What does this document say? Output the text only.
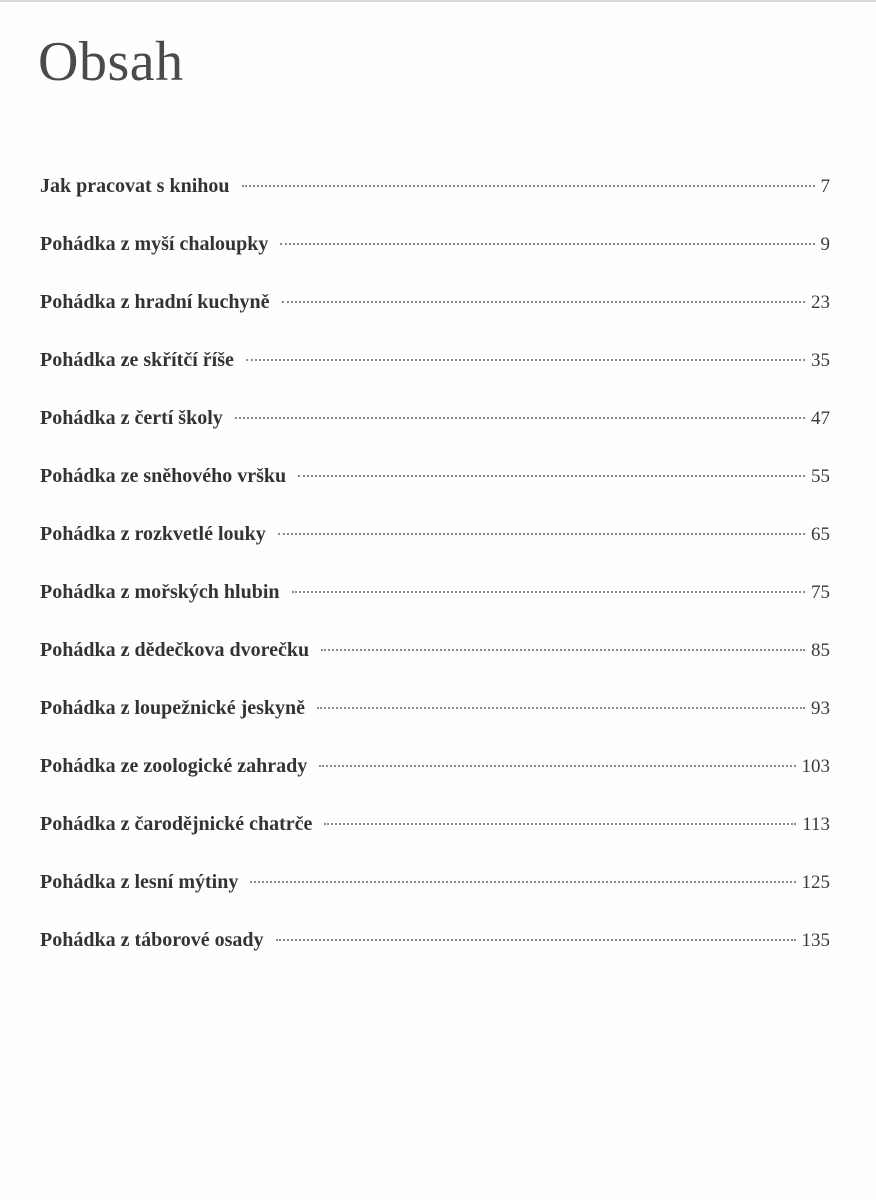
Obsah
Jak pracovat s knihou	7
Pohádka z myší chaloupky	9
Pohádka z hradní kuchyně	23
Pohádka ze skřítčí říše	35
Pohádka z čertí školy	47
Pohádka ze sněhového vršku	55
Pohádka z rozkvetlé louky	65
Pohádka z mořských hlubin	75
Pohádka z dědečkova dvorečku	85
Pohádka z loupežnické jeskyně	93
Pohádka ze zoologické zahrady	103
Pohádka z čarodějnické chatrče	113
Pohádka z lesní mýtiny	125
Pohádka z táborové osady	135
